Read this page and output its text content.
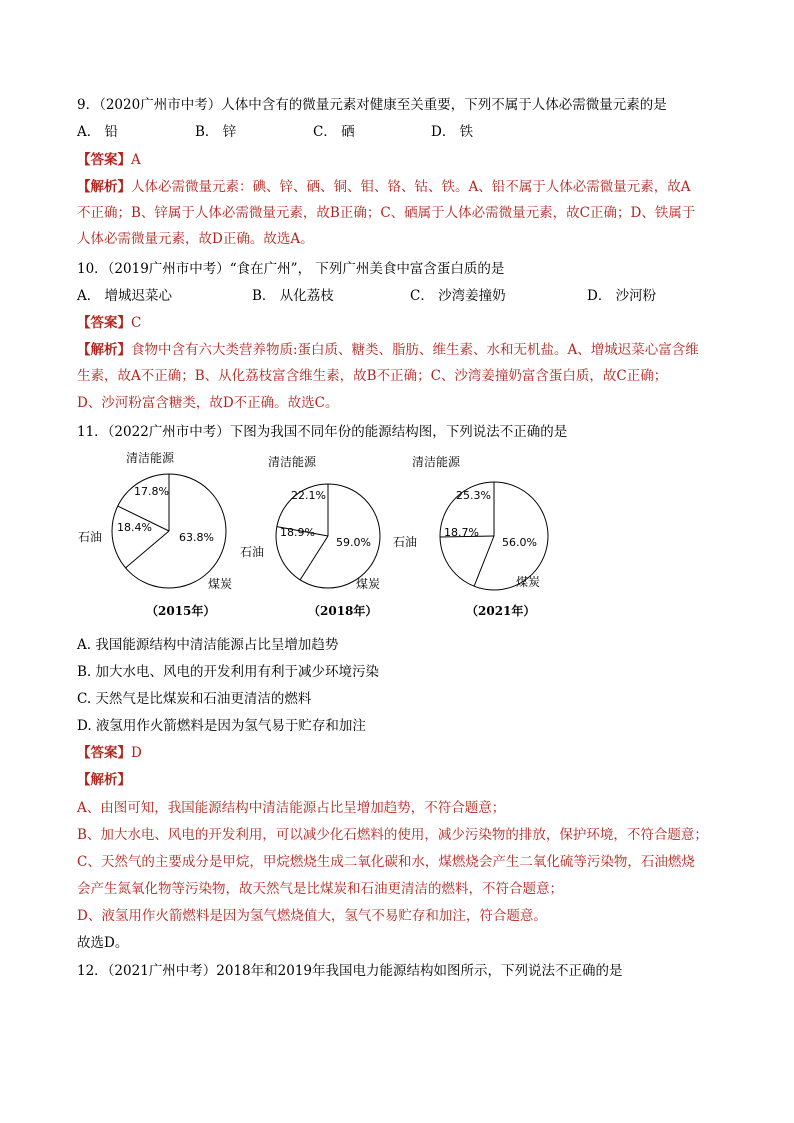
9．（2020广州市中考）人体中含有的微量元素对健康至关重要，下列不属于人体必需微量元素的是
A． 铅	B． 锌	C． 硒	D． 铁
【答案】A
【解析】人体必需微量元素：碘、锌、硒、铜、钼、铬、钴、铁。A、铅不属于人体必需微量元素，故A
不正确；B、锌属于人体必需微量元素，故B正确；C、硒属于人体必需微量元素，故C正确；D、铁属于
人体必需微量元素，故D正确。故选A。
10．（2019广州市中考）“食在广州”， 下列广州美食中富含蛋白质的是
A． 增城迟菜心	B． 从化荔枝	C． 沙湾姜撞奶	D． 沙河粉
【答案】C
【解析】食物中含有六大类营养物质:蛋白质、糖类、脂肪、维生素、水和无机盐。A、增城迟菜心富含维
生素，故A不正确；B、从化荔枝富含维生素，故B不正确；C、沙湾姜撞奶富含蛋白质，故C正确；
D、沙河粉富含糖类，故D不正确。故选C。
11．（2022广州市中考）下图为我国不同年份的能源结构图，下列说法不正确的是
17.8%
18.4%
63.8%
清洁能源
石油
煤炭
（2015年）
22.1%
18.9%
59.0%
清洁能源
石油
煤炭
（2018年）
25.3%
18.7%
56.0%
清洁能源
石油
煤炭
（2021年）
A. 我国能源结构中清洁能源占比呈增加趋势
B. 加大水电、风电的开发利用有利于减少环境污染
C. 天然气是比煤炭和石油更清洁的燃料
D. 液氢用作火箭燃料是因为氢气易于贮存和加注
【答案】D
【解析】
A、由图可知，我国能源结构中清洁能源占比呈增加趋势，不符合题意；
B、加大水电、风电的开发利用，可以减少化石燃料的使用，减少污染物的排放，保护环境，不符合题意；
C、天然气的主要成分是甲烷，甲烷燃烧生成二氧化碳和水，煤燃烧会产生二氧化硫等污染物，石油燃烧
会产生氮氧化物等污染物，故天然气是比煤炭和石油更清洁的燃料，不符合题意；
D、液氢用作火箭燃料是因为氢气燃烧值大，氢气不易贮存和加注，符合题意。
故选D。
12．（2021广州中考）2018年和2019年我国电力能源结构如图所示，下列说法不正确的是
